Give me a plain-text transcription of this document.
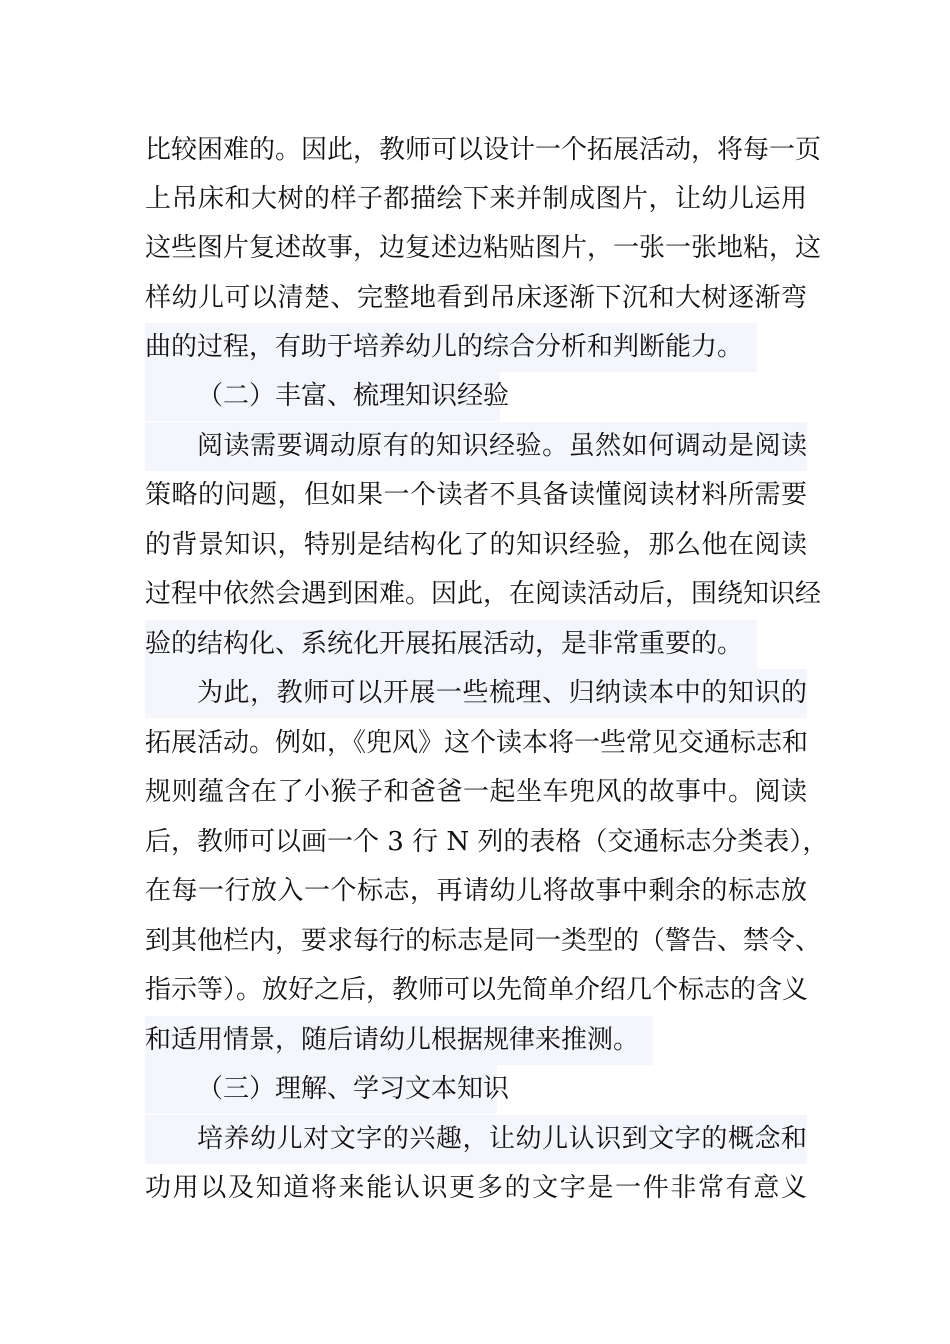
比较困难的。因此，教师可以设计一个拓展活动，将每一页
上吊床和大树的样子都描绘下来并制成图片，让幼儿运用
这些图片复述故事，边复述边粘贴图片，一张一张地粘，这
样幼儿可以清楚、完整地看到吊床逐渐下沉和大树逐渐弯
曲的过程，有助于培养幼儿的综合分析和判断能力。
（二）丰富、梳理知识经验
阅读需要调动原有的知识经验。虽然如何调动是阅读
策略的问题，但如果一个读者不具备读懂阅读材料所需要
的背景知识，特别是结构化了的知识经验，那么他在阅读
过程中依然会遇到困难。因此，在阅读活动后，围绕知识经
验的结构化、系统化开展拓展活动，是非常重要的。
为此，教师可以开展一些梳理、归纳读本中的知识的
拓展活动。例如，《兜风》这个读本将一些常见交通标志和
规则蕴含在了小猴子和爸爸一起坐车兜风的故事中。阅读
后，教师可以画一个 3 行 N 列的表格（交通标志分类表），
在每一行放入一个标志，再请幼儿将故事中剩余的标志放
到其他栏内，要求每行的标志是同一类型的（警告、禁令、
指示等）。放好之后，教师可以先简单介绍几个标志的含义
和适用情景，随后请幼儿根据规律来推测。
（三）理解、学习文本知识
培养幼儿对文字的兴趣，让幼儿认识到文字的概念和
功用以及知道将来能认识更多的文字是一件非常有意义
